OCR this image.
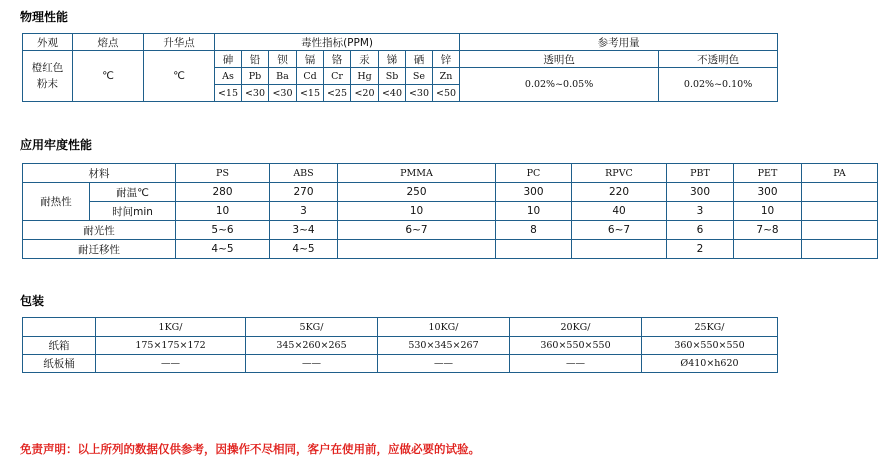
物理性能
外观	熔点	升华点	毒性指标(PPM)									参考用量	
橙红色
粉末	℃	℃	砷	铅	钡	镉	铬	汞	锑	硒	锌	透明色	不透明色
			As	Pb	Ba	Cd	Cr	Hg	Sb	Se	Zn	0.02%~0.05%	0.02%~0.10%
			<15	<30	<30	<15	<25	<20	<40	<30	<50		
应用牢度性能
材料		PS	ABS	PMMA	PC	RPVC	PBT	PET	PA
耐热性	耐温℃	280	270	250	300	220	300	300	
	时间min	10	3	10	10	40	3	10	
耐光性		5~6	3~4	6~7	8	6~7	6	7~8	
耐迁移性		4~5	4~5				2		
包装
	1KG/	5KG/	10KG/	20KG/	25KG/
纸箱	175×175×172	345×260×265	530×345×267	360×550×550	360×550×550
纸板桶	——	——	——	——	Ø410×h620
免责声明：以上所列的数据仅供参考，因操作不尽相同，客户在使用前，应做必要的试验。
